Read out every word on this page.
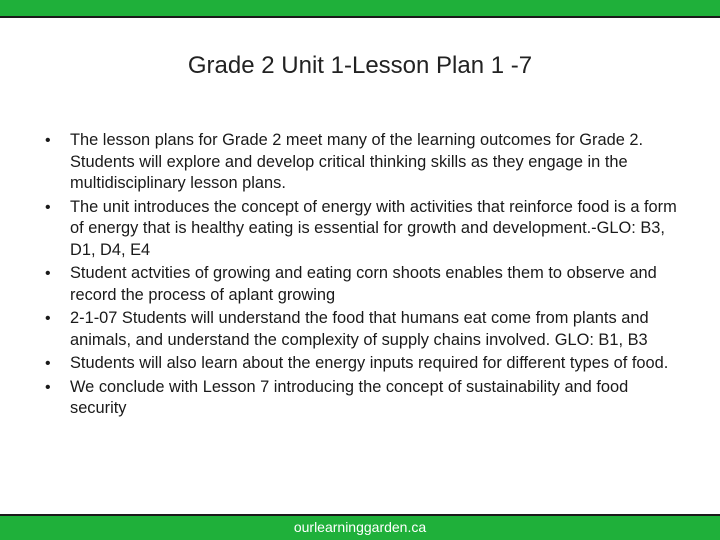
Grade 2 Unit 1-Lesson Plan 1 -7
• The lesson plans for Grade 2 meet many of the learning outcomes for Grade 2. Students will explore and develop critical thinking skills as they engage in the multidisciplinary lesson plans.
• The unit introduces the concept of energy with activities that reinforce food is a form of energy that is healthy eating is essential for growth and development.-GLO: B3, D1, D4, E4
• Student actvities of growing and eating corn shoots enables them to observe and record the process of aplant growing
• 2-1-07 Students will understand the food that humans eat come from plants and animals, and understand the complexity of supply chains involved. GLO: B1, B3
• Students will also learn about the energy inputs required for different types of food.
• We conclude with Lesson 7 introducing the concept of sustainability and food security
ourlearninggarden.ca
